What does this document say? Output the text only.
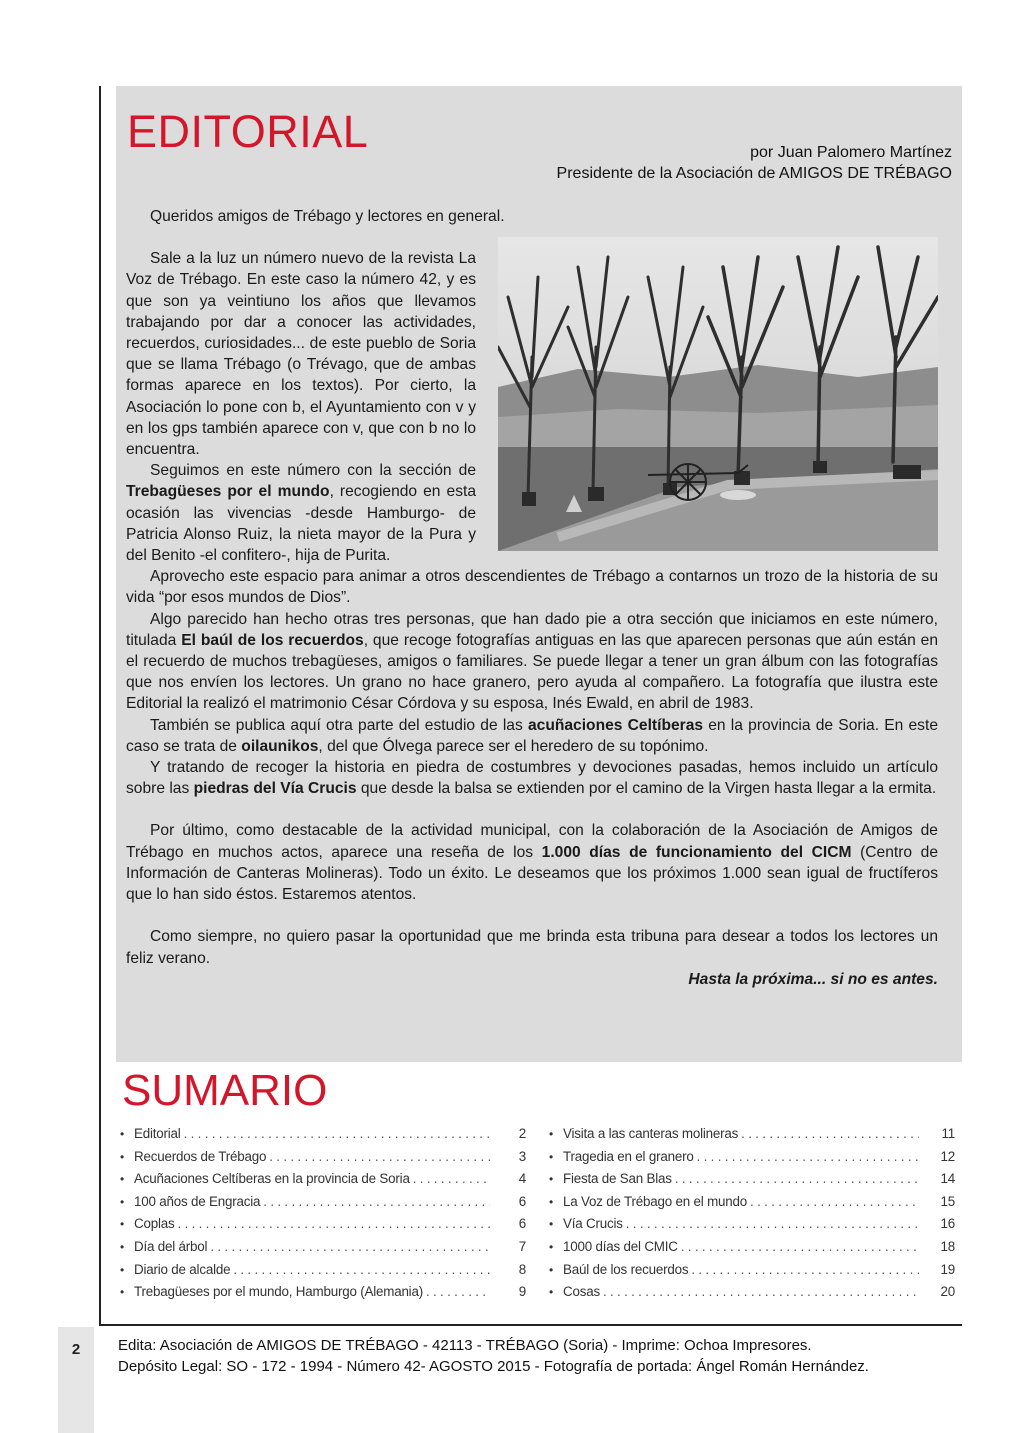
EDITORIAL	por Juan Palomero Martínez
Presidente de la Asociación de AMIGOS DE TRÉBAGO

Queridos amigos de Trébago y lectores en general.

Sale a la luz un número nuevo de la revista La Voz de Trébago. En este caso la número 42, y es que son ya veintiuno los años que llevamos trabajando por dar a conocer las actividades, recuerdos, curiosidades... de este pueblo de Soria que se llama Trébago (o Trévago, que de ambas formas aparece en los textos). Por cierto, la Asociación lo pone con b, el Ayuntamiento con v y en los gps también aparece con v, que con b no lo encuentra.

Seguimos en este número con la sección de Trebagüeses por el mundo, recogiendo en esta ocasión las vivencias -desde Hamburgo- de Patricia Alonso Ruiz, la nieta mayor de la Pura y del Benito -el confitero-, hija de Purita.

Aprovecho este espacio para animar a otros descendientes de Trébago a contarnos un trozo de la historia de su vida “por esos mundos de Dios”.

Algo parecido han hecho otras tres personas, que han dado pie a otra sección que iniciamos en este número, titulada El baúl de los recuerdos, que recoge fotografías antiguas en las que aparecen personas que aún están en el recuerdo de muchos trebagüeses, amigos o familiares. Se puede llegar a tener un gran álbum con las fotografías que nos envíen los lectores. Un grano no hace granero, pero ayuda al compañero. La fotografía que ilustra este Editorial la realizó el matrimonio César Córdova y su esposa, Inés Ewald, en abril de 1983.

También se publica aquí otra parte del estudio de las acuñaciones Celtíberas en la provincia de Soria. En este caso se trata de oilaunikos, del que Ólvega parece ser el heredero de su topónimo.

Y tratando de recoger la historia en piedra de costumbres y devociones pasadas, hemos incluido un artículo sobre las piedras del Vía Crucis que desde la balsa se extienden por el camino de la Virgen hasta llegar a la ermita.

Por último, como destacable de la actividad municipal, con la colaboración de la Asociación de Amigos de Trébago en muchos actos, aparece una reseña de los 1.000 días de funcionamiento del CICM (Centro de Información de Canteras Molineras). Todo un éxito. Le deseamos que los próximos 1.000 sean igual de fructíferos que lo han sido éstos. Estaremos atentos.

Como siempre, no quiero pasar la oportunidad que me brinda esta tribuna para desear a todos los lectores un feliz verano.

Hasta la próxima... si no es antes.

SUMARIO
• Editorial . . .	2
• Recuerdos de Trébago . . .	3
• Acuñaciones Celtíberas en la provincia de Soria . . .	4
• 100 años de Engracia . . .	6
• Coplas . . .	6
• Día del árbol . . .	7
• Diario de alcalde . . .	8
• Trebagüeses por el mundo, Hamburgo (Alemania) . . .	9
• Visita a las canteras molineras . . .	11
• Tragedia en el granero . . .	12
• Fiesta de San Blas . . .	14
• La Voz de Trébago en el mundo . . .	15
• Vía Crucis . . .	16
• 1000 días del CMIC . . .	18
• Baúl de los recuerdos . . .	19
• Cosas . . .	20
2	Edita: Asociación de AMIGOS DE TRÉBAGO - 42113 - TRÉBAGO (Soria) - Imprime: Ochoa Impresores.
Depósito Legal: SO - 172 - 1994 - Número 42- AGOSTO 2015 - Fotografía de portada: Ángel Román Hernández.
